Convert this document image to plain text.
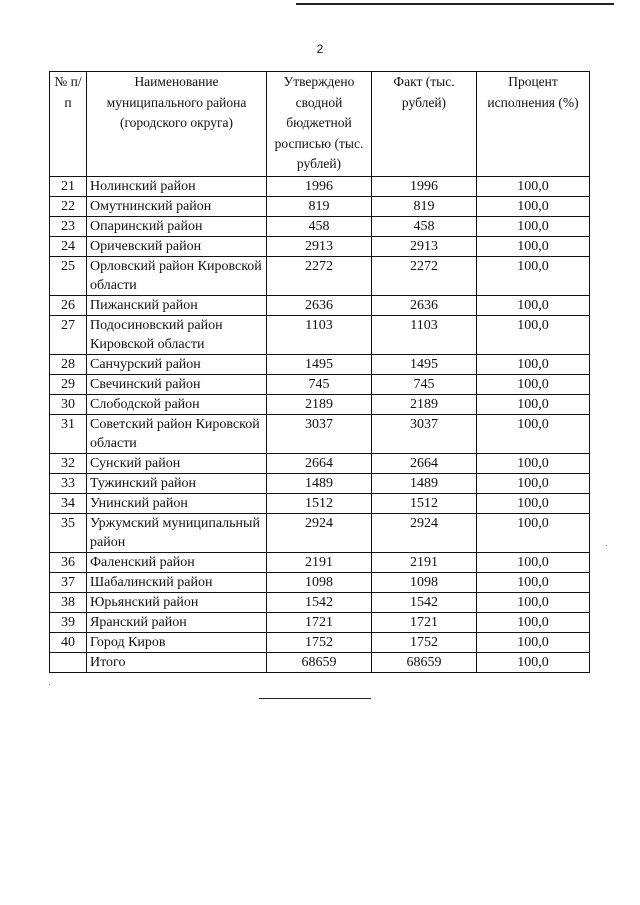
2
№ п/п	Наименование муниципального района (городского округа)	Утверждено сводной бюджетной росписью (тыс. рублей)	Факт (тыс. рублей)	Процент исполнения (%)
21	Нолинский район	1996	1996	100,0
22	Омутнинский район	819	819	100,0
23	Опаринский район	458	458	100,0
24	Оричевский район	2913	2913	100,0
25	Орловский район Кировской области	2272	2272	100,0
26	Пижанский район	2636	2636	100,0
27	Подосиновский район Кировской области	1103	1103	100,0
28	Санчурский район	1495	1495	100,0
29	Свечинский район	745	745	100,0
30	Слободской район	2189	2189	100,0
31	Советский район Кировской области	3037	3037	100,0
32	Сунский район	2664	2664	100,0
33	Тужинский район	1489	1489	100,0
34	Унинский район	1512	1512	100,0
35	Уржумский муниципальный район	2924	2924	100,0
36	Фаленский район	2191	2191	100,0
37	Шабалинский район	1098	1098	100,0
38	Юрьянский район	1542	1542	100,0
39	Яранский район	1721	1721	100,0
40	Город Киров	1752	1752	100,0
	Итого	68659	68659	100,0
